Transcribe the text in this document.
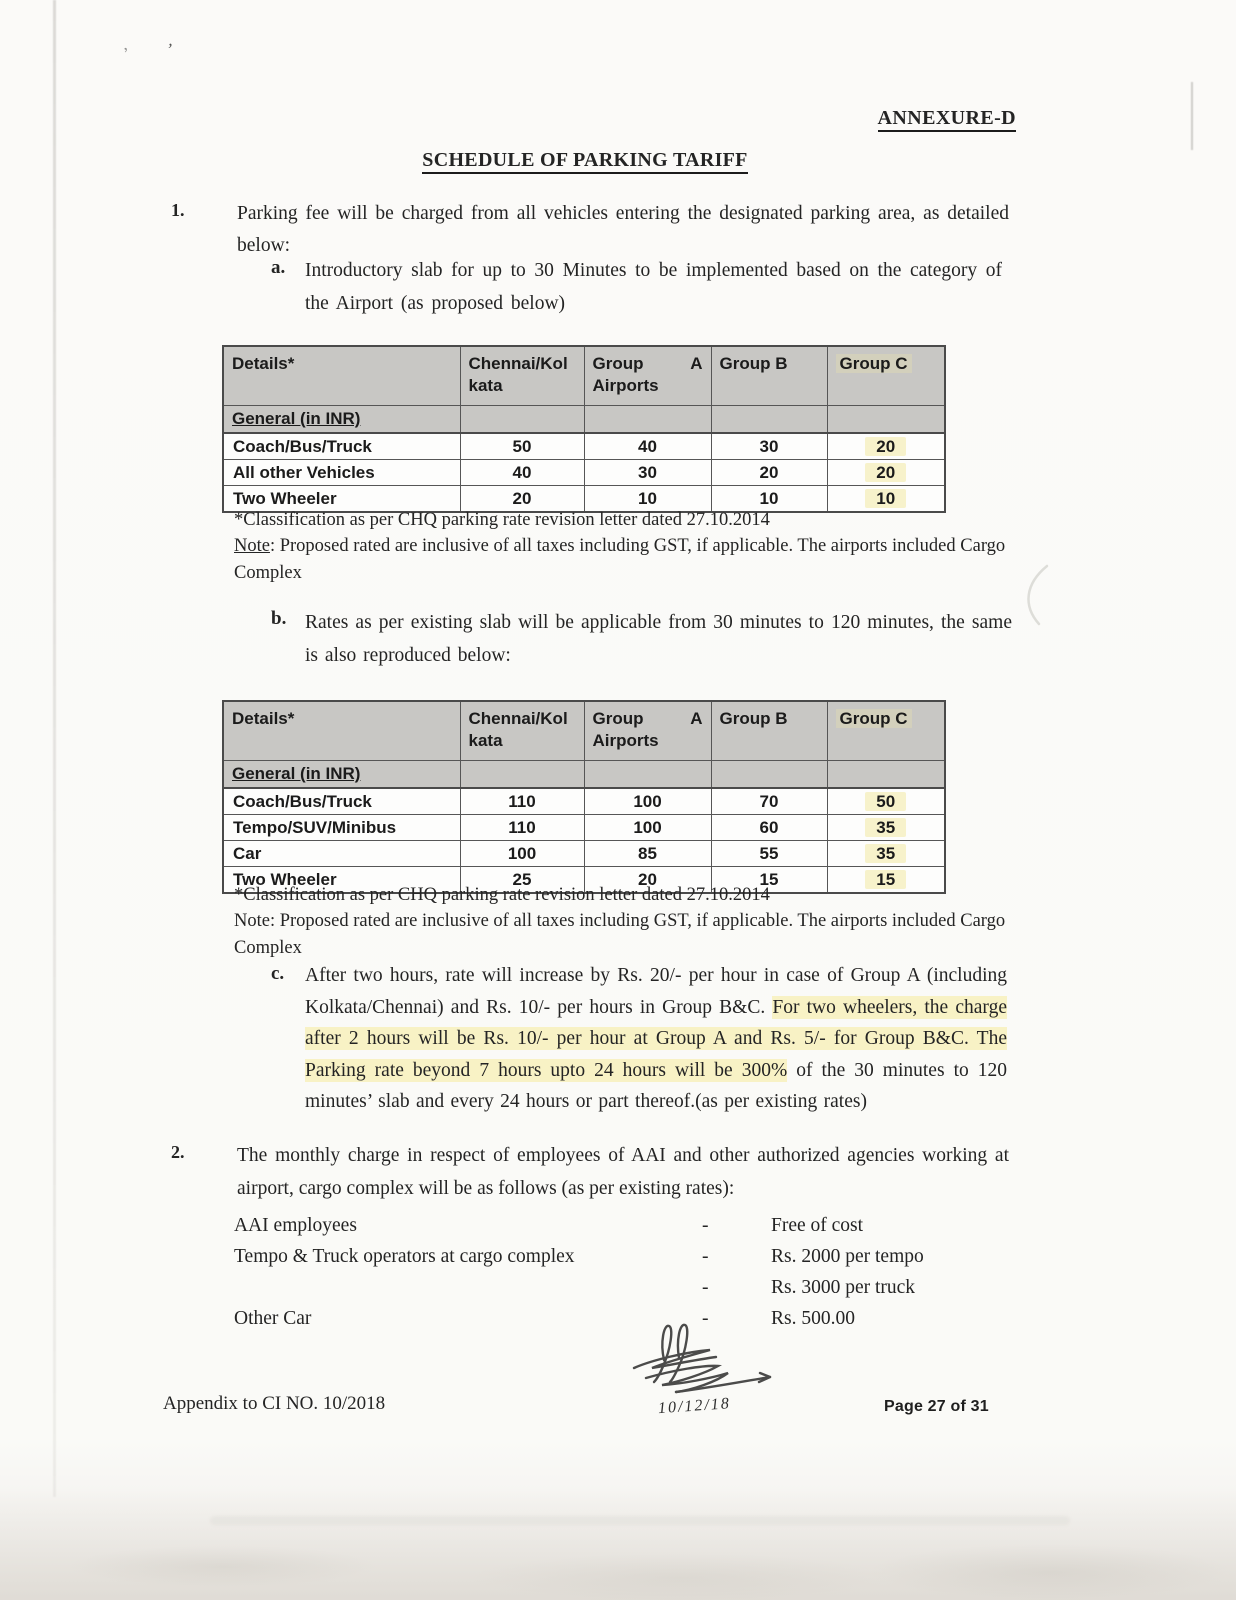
’ ’
ANNEXURE-D
SCHEDULE OF PARKING TARIFF
1.	Parking fee will be charged from all vehicles entering the designated parking area, as detailed below:
a. Introductory slab for up to 30 Minutes to be implemented based on the category of the Airport (as proposed below)
Details*	Chennai/Kol kata	Group A Airports	Group B	Group C
General (in INR)				
Coach/Bus/Truck	50	40	30	20
All other Vehicles	40	30	20	20
Two Wheeler	20	10	10	10
*Classification as per CHQ parking rate revision letter dated 27.10.2014
Note: Proposed rated are inclusive of all taxes including GST, if applicable. The airports included Cargo Complex
b. Rates as per existing slab will be applicable from 30 minutes to 120 minutes, the same is also reproduced below:
Details*	Chennai/Kol kata	Group A Airports	Group B	Group C
General (in INR)				
Coach/Bus/Truck	110	100	70	50
Tempo/SUV/Minibus	110	100	60	35
Car	100	85	55	35
Two Wheeler	25	20	15	15
*Classification as per CHQ parking rate revision letter dated 27.10.2014
Note: Proposed rated are inclusive of all taxes including GST, if applicable. The airports included Cargo Complex
c. After two hours, rate will increase by Rs. 20/- per hour in case of Group A (including Kolkata/Chennai) and Rs. 10/- per hours in Group B&C. For two wheelers, the charge after 2 hours will be Rs. 10/- per hour at Group A and Rs. 5/- for Group B&C. The Parking rate beyond 7 hours upto 24 hours will be 300% of the 30 minutes to 120 minutes’ slab and every 24 hours or part thereof.(as per existing rates)
2.	The monthly charge in respect of employees of AAI and other authorized agencies working at airport, cargo complex will be as follows (as per existing rates):
AAI employees	-	Free of cost
Tempo & Truck operators at cargo complex	-	Rs. 2000 per tempo
-	Rs. 3000 per truck
Other Car	-	Rs. 500.00
10/12/18
Appendix to CI NO. 10/2018	Page 27 of 31
